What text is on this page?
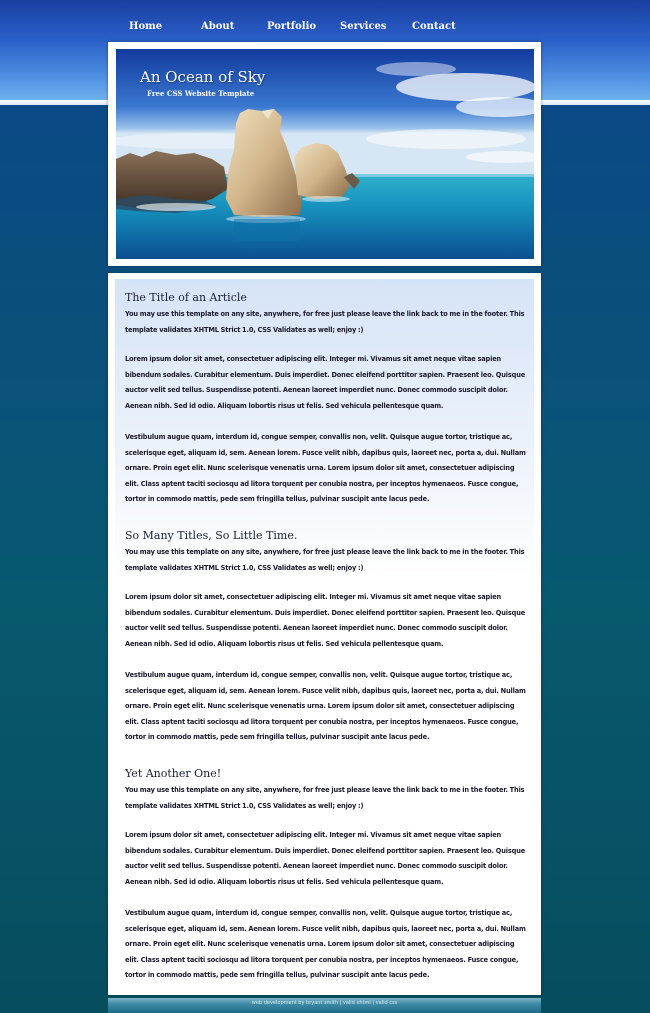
Home	About	Portfolio Services	Contact
An Ocean of Sky
Free CSS Website Template
The Title of an Article

You may use this template on any site, anywhere, for free just please leave the link back to me in the footer. This template validates XHTML Strict 1.0, CSS Validates as well; enjoy :)

Lorem ipsum dolor sit amet, consectetuer adipiscing elit. Integer mi. Vivamus sit amet neque vitae sapien bibendum sodales. Curabitur elementum. Duis imperdiet. Donec eleifend porttitor sapien. Praesent leo. Quisque auctor velit sed tellus. Suspendisse potenti. Aenean laoreet imperdiet nunc. Donec commodo suscipit dolor. Aenean nibh. Sed id odio. Aliquam lobortis risus ut felis. Sed vehicula pellentesque quam.

Vestibulum augue quam, interdum id, congue semper, convallis non, velit. Quisque augue tortor, tristique ac, scelerisque eget, aliquam id, sem. Aenean lorem. Fusce velit nibh, dapibus quis, laoreet nec, porta a, dui. Nullam ornare. Proin eget elit. Nunc scelerisque venenatis urna. Lorem ipsum dolor sit amet, consectetuer adipiscing elit. Class aptent taciti sociosqu ad litora torquent per conubia nostra, per inceptos hymenaeos. Fusce congue, tortor in commodo mattis, pede sem fringilla tellus, pulvinar suscipit ante lacus pede.

So Many Titles, So Little Time.

You may use this template on any site, anywhere, for free just please leave the link back to me in the footer. This template validates XHTML Strict 1.0, CSS Validates as well; enjoy :)

Lorem ipsum dolor sit amet, consectetuer adipiscing elit. Integer mi. Vivamus sit amet neque vitae sapien bibendum sodales. Curabitur elementum. Duis imperdiet. Donec eleifend porttitor sapien. Praesent leo. Quisque auctor velit sed tellus. Suspendisse potenti. Aenean laoreet imperdiet nunc. Donec commodo suscipit dolor. Aenean nibh. Sed id odio. Aliquam lobortis risus ut felis. Sed vehicula pellentesque quam.

Vestibulum augue quam, interdum id, congue semper, convallis non, velit. Quisque augue tortor, tristique ac, scelerisque eget, aliquam id, sem. Aenean lorem. Fusce velit nibh, dapibus quis, laoreet nec, porta a, dui. Nullam ornare. Proin eget elit. Nunc scelerisque venenatis urna. Lorem ipsum dolor sit amet, consectetuer adipiscing elit. Class aptent taciti sociosqu ad litora torquent per conubia nostra, per inceptos hymenaeos. Fusce congue, tortor in commodo mattis, pede sem fringilla tellus, pulvinar suscipit ante lacus pede.

Yet Another One!

You may use this template on any site, anywhere, for free just please leave the link back to me in the footer. This template validates XHTML Strict 1.0, CSS Validates as well; enjoy :)

Lorem ipsum dolor sit amet, consectetuer adipiscing elit. Integer mi. Vivamus sit amet neque vitae sapien bibendum sodales. Curabitur elementum. Duis imperdiet. Donec eleifend porttitor sapien. Praesent leo. Quisque auctor velit sed tellus. Suspendisse potenti. Aenean laoreet imperdiet nunc. Donec commodo suscipit dolor. Aenean nibh. Sed id odio. Aliquam lobortis risus ut felis. Sed vehicula pellentesque quam.

Vestibulum augue quam, interdum id, congue semper, convallis non, velit. Quisque augue tortor, tristique ac, scelerisque eget, aliquam id, sem. Aenean lorem. Fusce velit nibh, dapibus quis, laoreet nec, porta a, dui. Nullam ornare. Proin eget elit. Nunc scelerisque venenatis urna. Lorem ipsum dolor sit amet, consectetuer adipiscing elit. Class aptent taciti sociosqu ad litora torquent per conubia nostra, per inceptos hymenaeos. Fusce congue, tortor in commodo mattis, pede sem fringilla tellus, pulvinar suscipit ante lacus pede.

web development by bryant smith | valid xhtml | valid css
